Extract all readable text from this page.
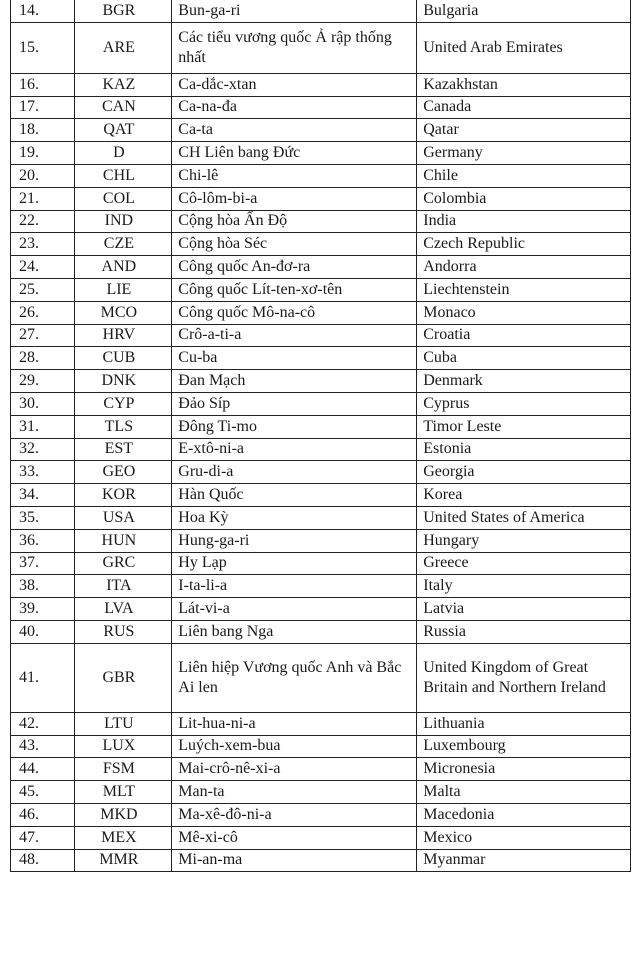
14.	BGR	Bun-ga-ri	Bulgaria
15.	ARE	Các tiểu vương quốc Ả rập thống nhất	United Arab Emirates
16.	KAZ	Ca-dắc-xtan	Kazakhstan
17.	CAN	Ca-na-đa	Canada
18.	QAT	Ca-ta	Qatar
19.	D	CH Liên bang Đức	Germany
20.	CHL	Chi-lê	Chile
21.	COL	Cô-lôm-bi-a	Colombia
22.	IND	Cộng hòa Ấn Độ	India
23.	CZE	Cộng hòa Séc	Czech Republic
24.	AND	Công quốc An-đơ-ra	Andorra
25.	LIE	Công quốc Lít-ten-xơ-tên	Liechtenstein
26.	MCO	Công quốc Mô-na-cô	Monaco
27.	HRV	Crô-a-ti-a	Croatia
28.	CUB	Cu-ba	Cuba
29.	DNK	Đan Mạch	Denmark
30.	CYP	Đảo Síp	Cyprus
31.	TLS	Đông Ti-mo	Timor Leste
32.	EST	E-xtô-ni-a	Estonia
33.	GEO	Gru-di-a	Georgia
34.	KOR	Hàn Quốc	Korea
35.	USA	Hoa Kỳ	United States of America
36.	HUN	Hung-ga-ri	Hungary
37.	GRC	Hy Lạp	Greece
38.	ITA	I-ta-li-a	Italy
39.	LVA	Lát-vi-a	Latvia
40.	RUS	Liên bang Nga	Russia
41.	GBR	Liên hiệp Vương quốc Anh và Bắc Ai len	United Kingdom of Great Britain and Northern Ireland
42.	LTU	Lit-hua-ni-a	Lithuania
43.	LUX	Luých-xem-bua	Luxembourg
44.	FSM	Mai-crô-nê-xi-a	Micronesia
45.	MLT	Man-ta	Malta
46.	MKD	Ma-xê-đô-ni-a	Macedonia
47.	MEX	Mê-xi-cô	Mexico
48.	MMR	Mi-an-ma	Myanmar
